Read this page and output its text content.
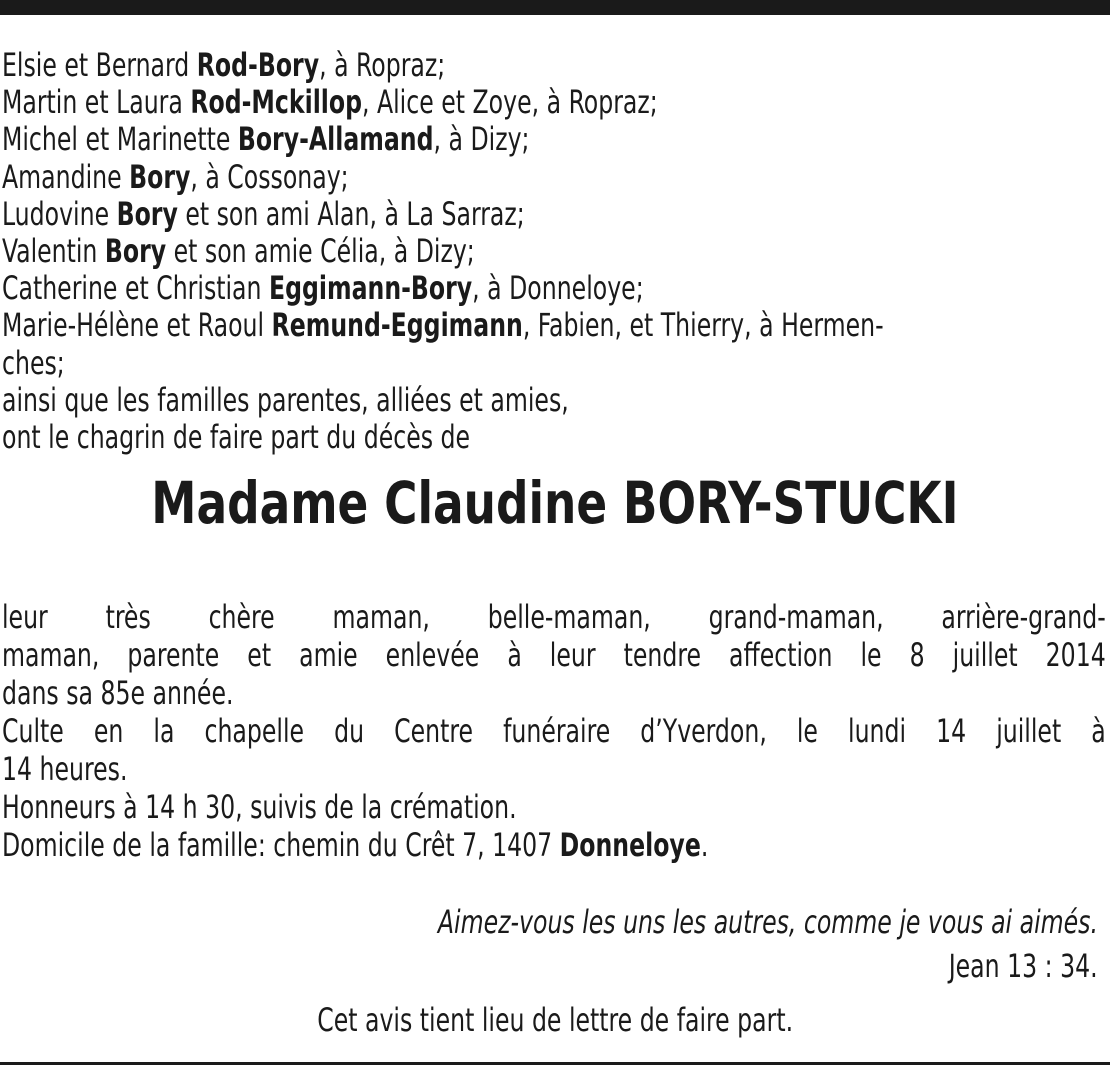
Elsie et Bernard Rod-Bory, à Ropraz;
Martin et Laura Rod-Mckillop, Alice et Zoye, à Ropraz;
Michel et Marinette Bory-Allamand, à Dizy;
Amandine Bory, à Cossonay;
Ludovine Bory et son ami Alan, à La Sarraz;
Valentin Bory et son amie Célia, à Dizy;
Catherine et Christian Eggimann-Bory, à Donneloye;
Marie-Hélène et Raoul Remund-Eggimann, Fabien, et Thierry, à Hermen-
ches;
ainsi que les familles parentes, alliées et amies,
ont le chagrin de faire part du décès de
Madame Claudine BORY-STUCKI
leur très chère maman, belle-maman, grand-maman, arrière-grand-
maman, parente et amie enlevée à leur tendre affection le 8 juillet 2014
dans sa 85e année.
Culte en la chapelle du Centre funéraire d’Yverdon, le lundi 14 juillet à
14 heures.
Honneurs à 14 h 30, suivis de la crémation.
Domicile de la famille: chemin du Crêt 7, 1407 Donneloye.
Aimez-vous les uns les autres, comme je vous ai aimés.
Jean 13 : 34.
Cet avis tient lieu de lettre de faire part.
